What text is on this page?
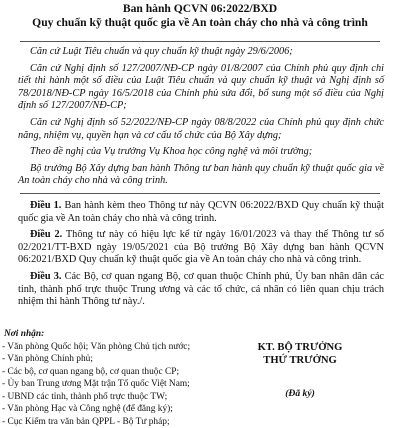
Ban hành QCVN 06:2022/BXD
Quy chuẩn kỹ thuật quốc gia về An toàn cháy cho nhà và công trình

Căn cứ Luật Tiêu chuẩn và quy chuẩn kỹ thuật ngày 29/6/2006;

Căn cứ Nghị định số 127/2007/NĐ-CP ngày 01/8/2007 của Chính phủ quy định chi tiết thi hành một số điều của Luật Tiêu chuẩn và quy chuẩn kỹ thuật và Nghị định số 78/2018/NĐ-CP ngày 16/5/2018 của Chính phủ sửa đổi, bổ sung một số điều của Nghị định số 127/2007/NĐ-CP;

Căn cứ Nghị định số 52/2022/NĐ-CP ngày 08/8/2022 của Chính phủ quy định chức năng, nhiệm vụ, quyền hạn và cơ cấu tổ chức của Bộ Xây dựng;

Theo đề nghị của Vụ trưởng Vụ Khoa học công nghệ và môi trường;

Bộ trưởng Bộ Xây dựng ban hành Thông tư ban hành quy chuẩn kỹ thuật quốc gia về An toàn cháy cho nhà và công trình.

Điều 1. Ban hành kèm theo Thông tư này QCVN 06:2022/BXD Quy chuẩn kỹ thuật quốc gia về An toàn cháy cho nhà và công trình.

Điều 2. Thông tư này có hiệu lực kể từ ngày 16/01/2023 và thay thế Thông tư số 02/2021/TT-BXD ngày 19/05/2021 của Bộ trưởng Bộ Xây dựng ban hành QCVN 06:2021/BXD Quy chuẩn kỹ thuật quốc gia về An toàn cháy cho nhà và công trình.

Điều 3. Các Bộ, cơ quan ngang Bộ, cơ quan thuộc Chính phủ, Ủy ban nhân dân các tỉnh, thành phố trực thuộc Trung ương và các tổ chức, cá nhân có liên quan chịu trách nhiệm thi hành Thông tư này./.

Nơi nhận:
- Văn phòng Quốc hội; Văn phòng Chủ tịch nước;
- Văn phòng Chính phủ;
- Các bộ, cơ quan ngang bộ, cơ quan thuộc CP;
- Ủy ban Trung ương Mặt trận Tổ quốc Việt Nam;
- UBND các tỉnh, thành phố trực thuộc TW;
- Văn phòng Hạc và Công nghệ (để đăng ký);
- Cục Kiểm tra văn bản QPPL - Bộ Tư pháp;
KT. BỘ TRƯỞNG
THỨ TRƯỞNG
(Đã ký)
